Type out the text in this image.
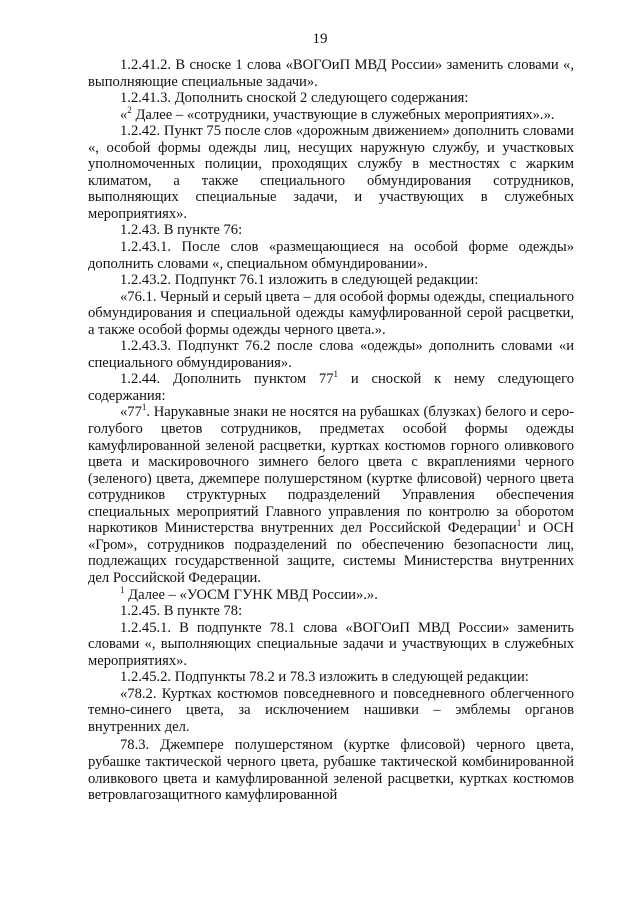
19

1.2.41.2. В сноске 1 слова «ВОГОиП МВД России» заменить словами «, выполняющие специальные задачи».

1.2.41.3. Дополнить сноской 2 следующего содержания:

«$^2$ Далее – «сотрудники, участвующие в служебных мероприятиях».».

1.2.42. Пункт 75 после слов «дорожным движением» дополнить словами «, особой формы одежды лиц, несущих наружную службу, и участковых уполномоченных полиции, проходящих службу в местностях с жарким климатом, а также специального обмундирования сотрудников, выполняющих специальные задачи, и участвующих в служебных мероприятиях».

1.2.43. В пункте 76:

1.2.43.1. После слов «размещающиеся на особой форме одежды» дополнить словами «, специальном обмундировании».

1.2.43.2. Подпункт 76.1 изложить в следующей редакции:

«76.1. Черный и серый цвета – для особой формы одежды, специального обмундирования и специальной одежды камуфлированной серой расцветки, а также особой формы одежды черного цвета.».

1.2.43.3. Подпункт 76.2 после слова «одежды» дополнить словами «и специального обмундирования».

1.2.44. Дополнить пунктом $77^1$ и сноской к нему следующего содержания:

«$77^1$. Нарукавные знаки не носятся на рубашках (блузках) белого и серо-голубого цветов сотрудников, предметах особой формы одежды камуфлированной зеленой расцветки, куртках костюмов горного оливкового цвета и маскировочного зимнего белого цвета с вкраплениями черного (зеленого) цвета, джемпере полушерстяном (куртке флисовой) черного цвета сотрудников структурных подразделений Управления обеспечения специальных мероприятий Главного управления по контролю за оборотом наркотиков Министерства внутренних дел Российской Федерации$^1$ и ОСН «Гром», сотрудников подразделений по обеспечению безопасности лиц, подлежащих государственной защите, системы Министерства внутренних дел Российской Федерации.

$^1$ Далее – «УОСМ ГУНК МВД России».».

1.2.45. В пункте 78:

1.2.45.1. В подпункте 78.1 слова «ВОГОиП МВД России» заменить словами «, выполняющих специальные задачи и участвующих в служебных мероприятиях».

1.2.45.2. Подпункты 78.2 и 78.3 изложить в следующей редакции:

«78.2. Куртках костюмов повседневного и повседневного облегченного темно-синего цвета, за исключением нашивки – эмблемы органов внутренних дел.

78.3. Джемпере полушерстяном (куртке флисовой) черного цвета, рубашке тактической черного цвета, рубашке тактической комбинированной оливкового цвета и камуфлированной зеленой расцветки, куртках костюмов ветровлагозащитного камуфлированной
